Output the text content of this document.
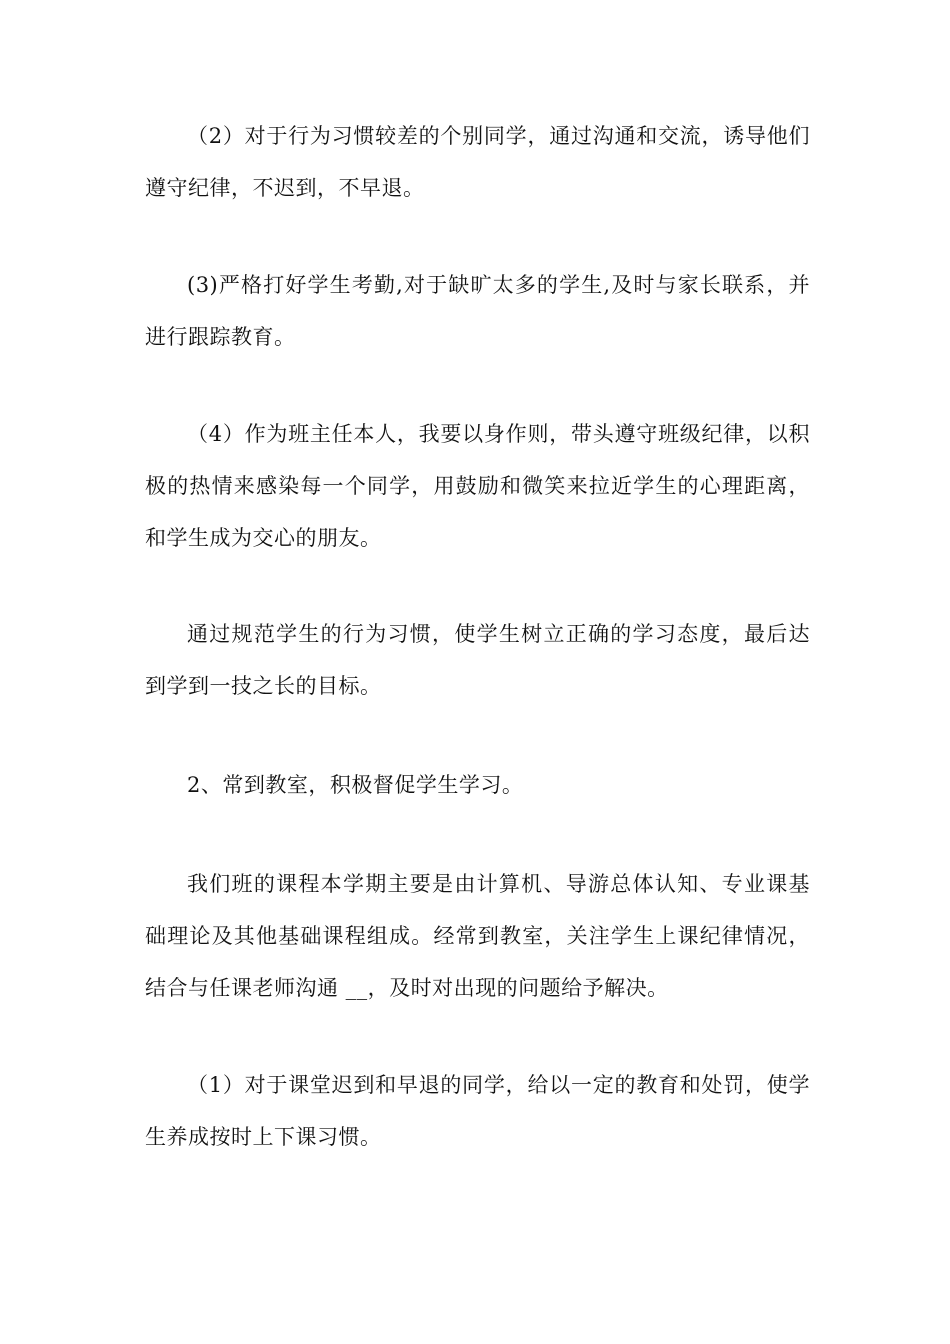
（2）对于行为习惯较差的个别同学，通过沟通和交流，诱导他们遵守纪律，不迟到，不早退。

(3)严格打好学生考勤,对于缺旷太多的学生,及时与家长联系，并进行跟踪教育。

（4）作为班主任本人，我要以身作则，带头遵守班级纪律，以积极的热情来感染每一个同学，用鼓励和微笑来拉近学生的心理距离，和学生成为交心的朋友。

通过规范学生的行为习惯，使学生树立正确的学习态度，最后达到学到一技之长的目标。

2、常到教室，积极督促学生学习。

我们班的课程本学期主要是由计算机、导游总体认知、专业课基础理论及其他基础课程组成。经常到教室，关注学生上课纪律情况，结合与任课老师沟通 __，及时对出现的问题给予解决。

（1）对于课堂迟到和早退的同学，给以一定的教育和处罚，使学生养成按时上下课习惯。
